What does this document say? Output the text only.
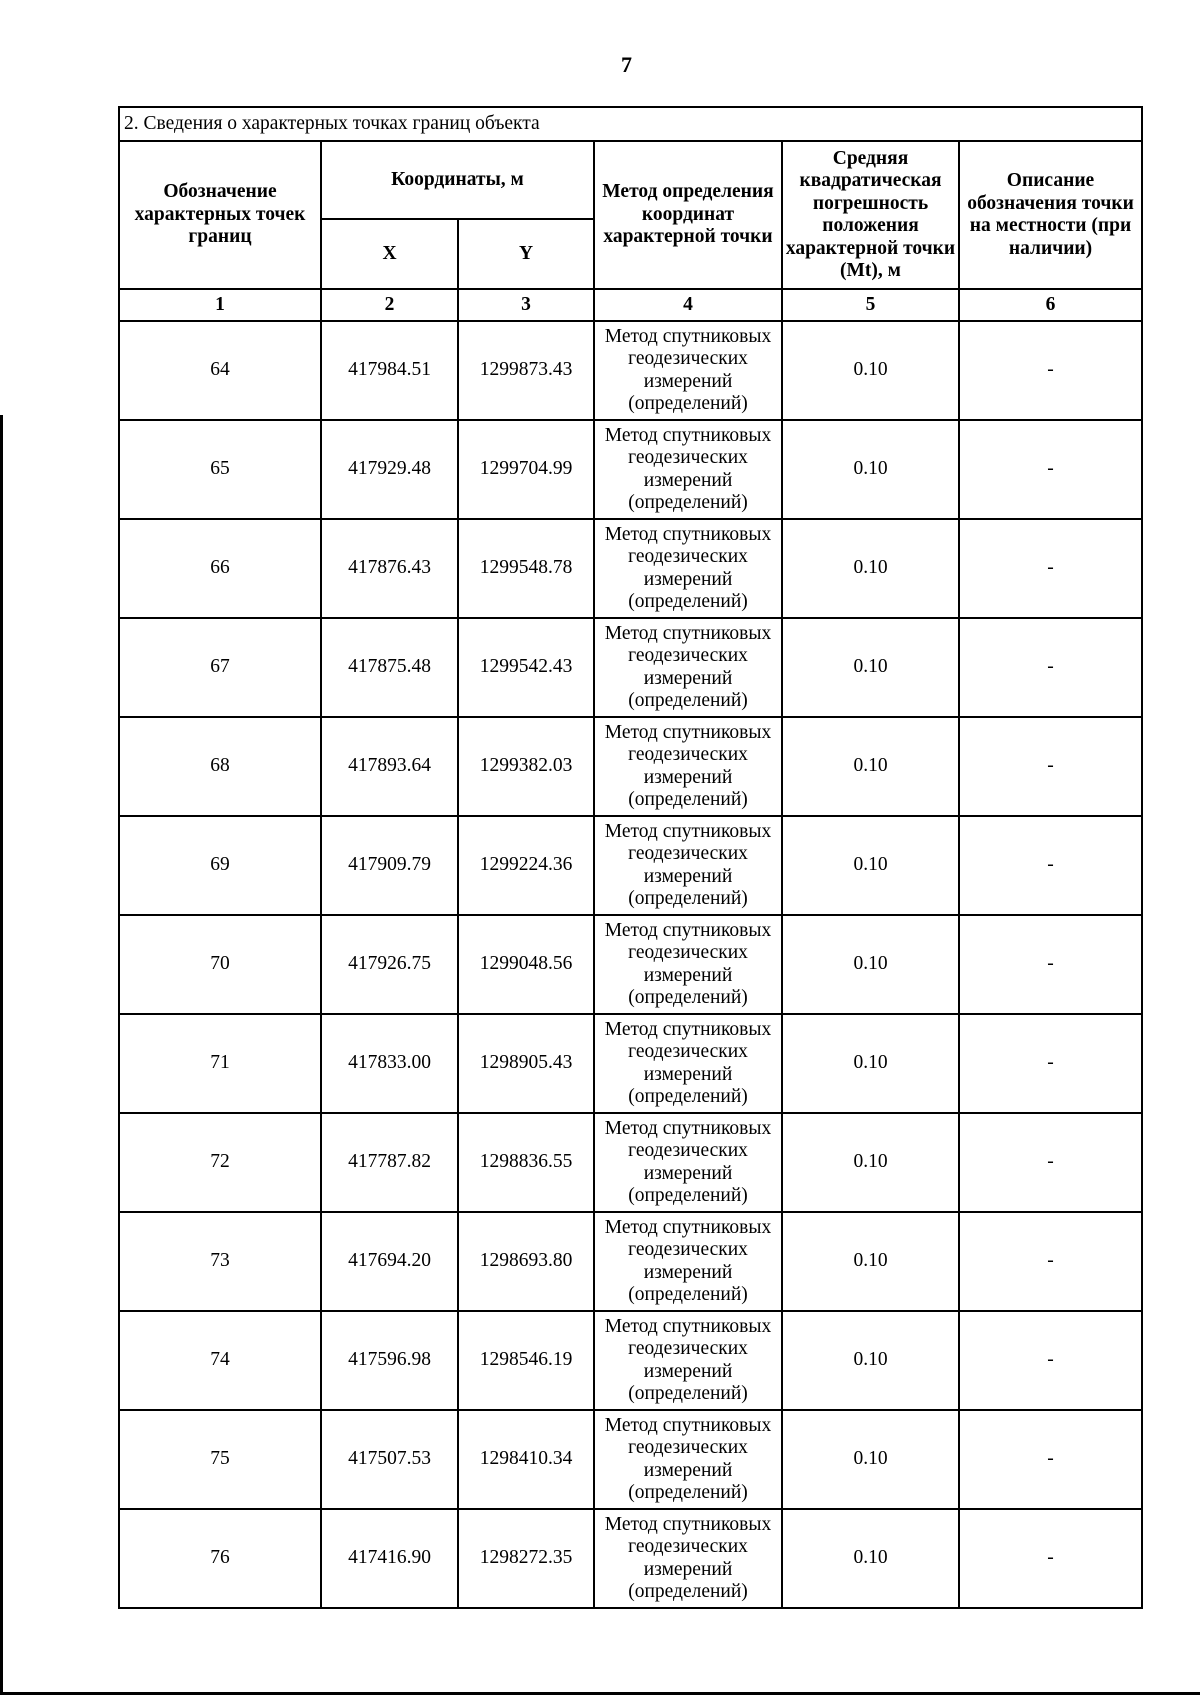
7
2. Сведения о характерных точках границ объекта					
Обозначение характерных точек границ	Координаты, м		Метод определения координат характерной точки	Средняя квадратическая погрешность положения характерной точки (Mt), м	Описание обозначения точки на местности (при наличии)
	X	Y			
1	2	3	4	5	6
64	417984.51	1299873.43	Метод спутниковых
геодезических
измерений
(определений)	0.10	-
65	417929.48	1299704.99	Метод спутниковых
геодезических
измерений
(определений)	0.10	-
66	417876.43	1299548.78	Метод спутниковых
геодезических
измерений
(определений)	0.10	-
67	417875.48	1299542.43	Метод спутниковых
геодезических
измерений
(определений)	0.10	-
68	417893.64	1299382.03	Метод спутниковых
геодезических
измерений
(определений)	0.10	-
69	417909.79	1299224.36	Метод спутниковых
геодезических
измерений
(определений)	0.10	-
70	417926.75	1299048.56	Метод спутниковых
геодезических
измерений
(определений)	0.10	-
71	417833.00	1298905.43	Метод спутниковых
геодезических
измерений
(определений)	0.10	-
72	417787.82	1298836.55	Метод спутниковых
геодезических
измерений
(определений)	0.10	-
73	417694.20	1298693.80	Метод спутниковых
геодезических
измерений
(определений)	0.10	-
74	417596.98	1298546.19	Метод спутниковых
геодезических
измерений
(определений)	0.10	-
75	417507.53	1298410.34	Метод спутниковых
геодезических
измерений
(определений)	0.10	-
76	417416.90	1298272.35	Метод спутниковых
геодезических
измерений
(определений)	0.10	-
